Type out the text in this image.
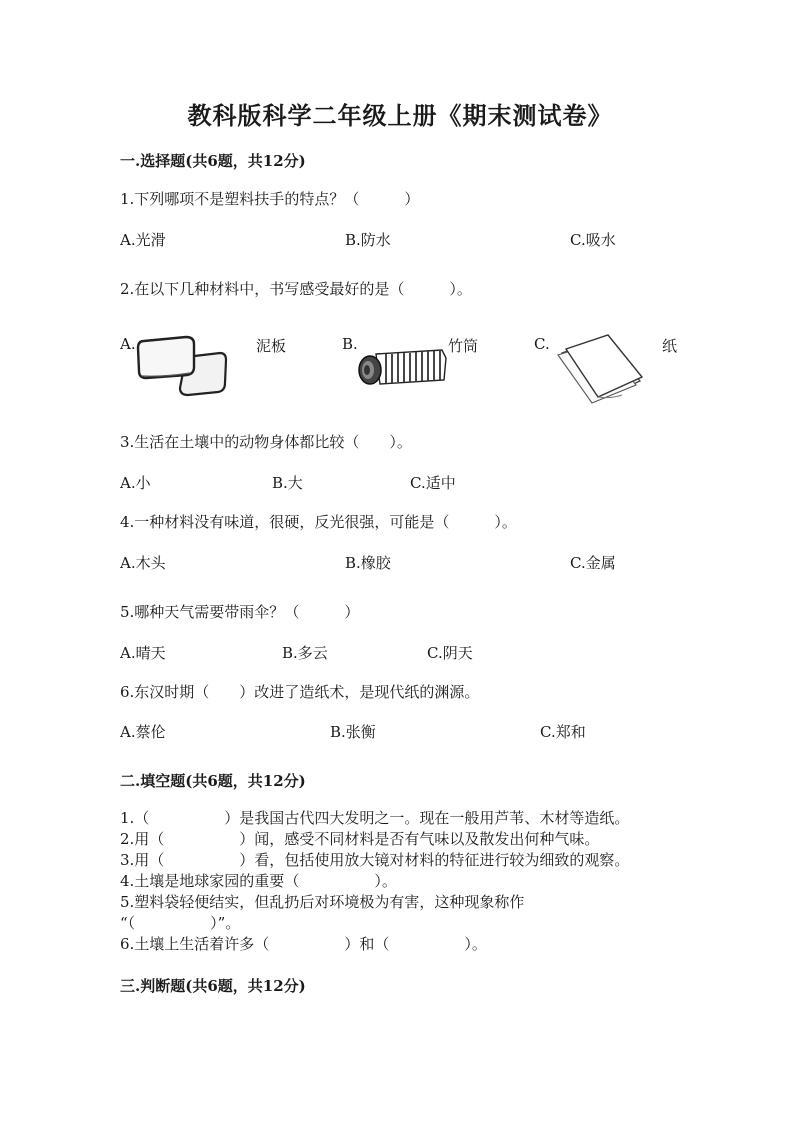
教科版科学二年级上册《期末测试卷》
一.选择题(共6题，共12分)
1.下列哪项不是塑料扶手的特点？（　　　）
A.光滑	B.防水	C.吸水
2.在以下几种材料中，书写感受最好的是（　　　）。
A.	B.	C.
泥板	竹筒	纸
3.生活在土壤中的动物身体都比较（　　）。
A.小	B.大	C.适中
4.一种材料没有味道，很硬，反光很强，可能是（　　　）。
A.木头	B.橡胶	C.金属
5.哪种天气需要带雨伞？（　　　）
A.晴天	B.多云	C.阴天
6.东汉时期（　　）改进了造纸术，是现代纸的渊源。
A.蔡伦	B.张衡	C.郑和
二.填空题(共6题，共12分)
1.（　　　　　）是我国古代四大发明之一。现在一般用芦苇、木材等造纸。
2.用（　　　　　）闻，感受不同材料是否有气味以及散发出何种气味。
3.用（　　　　　）看，包括使用放大镜对材料的特征进行较为细致的观察。
4.土壤是地球家园的重要（　　　　　）。
5.塑料袋轻便结实，但乱扔后对环境极为有害，这种现象称作
“（　　　　　）”。
6.土壤上生活着许多（　　　　　）和（　　　　　）。
三.判断题(共6题，共12分)
